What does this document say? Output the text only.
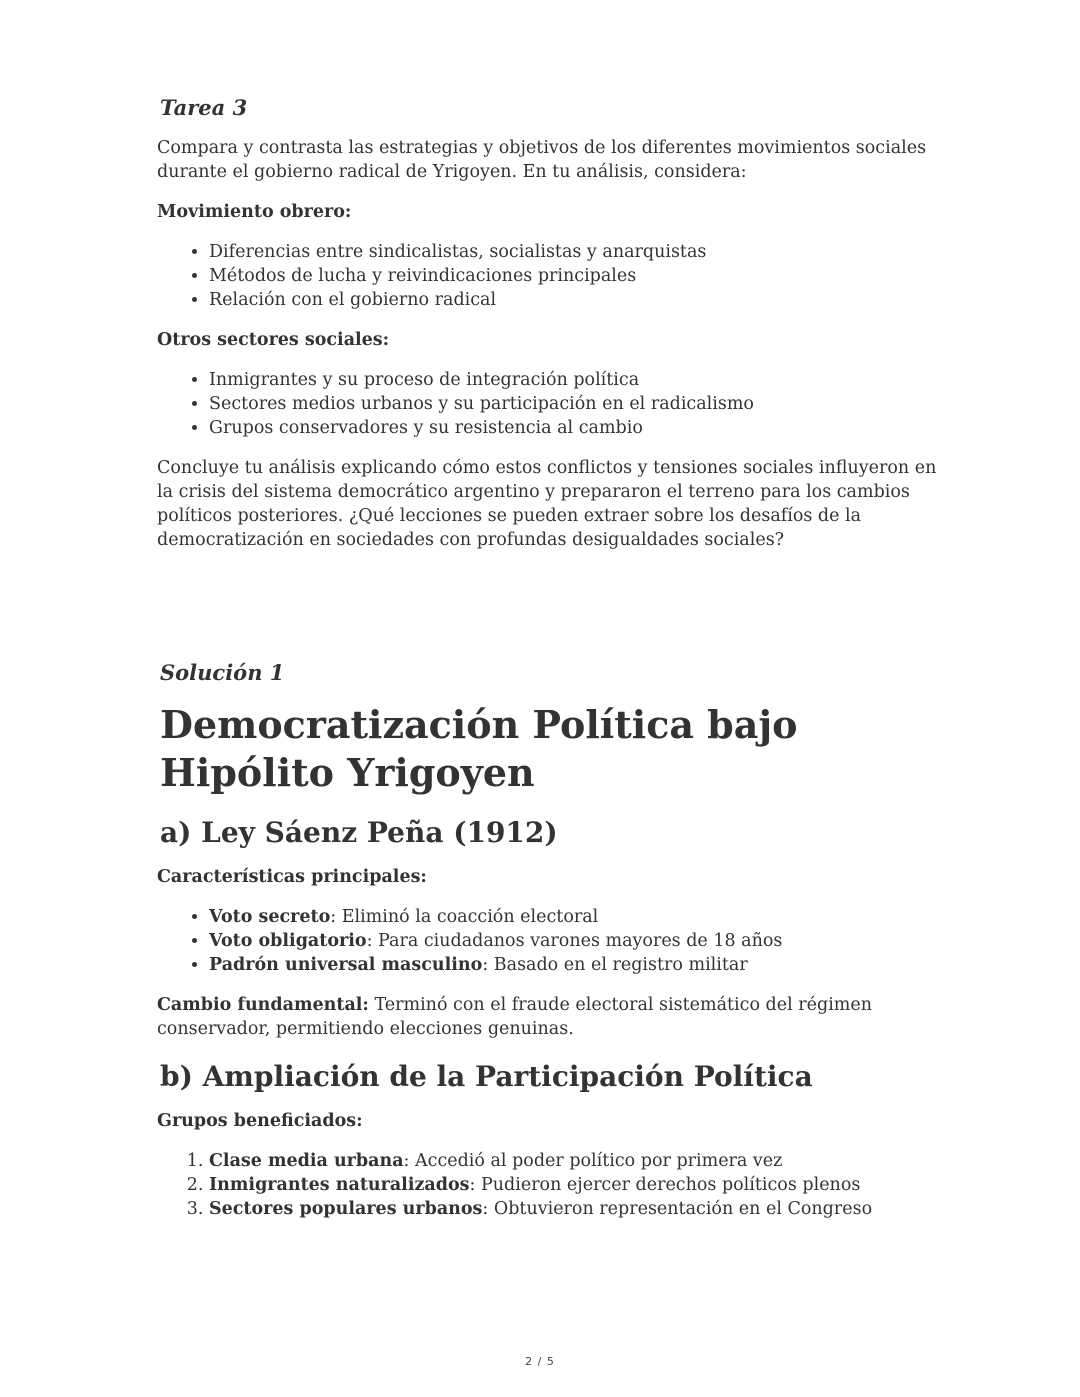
Tarea 3

Compara y contrasta las estrategias y objetivos de los diferentes movimientos sociales durante el gobierno radical de Yrigoyen. En tu análisis, considera:

Movimiento obrero:

• Diferencias entre sindicalistas, socialistas y anarquistas
• Métodos de lucha y reivindicaciones principales
• Relación con el gobierno radical

Otros sectores sociales:

• Inmigrantes y su proceso de integración política
• Sectores medios urbanos y su participación en el radicalismo
• Grupos conservadores y su resistencia al cambio

Concluye tu análisis explicando cómo estos conflictos y tensiones sociales influyeron en la crisis del sistema democrático argentino y prepararon el terreno para los cambios políticos posteriores. ¿Qué lecciones se pueden extraer sobre los desafíos de la democratización en sociedades con profundas desigualdades sociales?

Solución 1
Democratización Política bajo Hipólito Yrigoyen
a) Ley Sáenz Peña (1912)

Características principales:

• Voto secreto: Eliminó la coacción electoral
• Voto obligatorio: Para ciudadanos varones mayores de 18 años
• Padrón universal masculino: Basado en el registro militar

Cambio fundamental: Terminó con el fraude electoral sistemático del régimen conservador, permitiendo elecciones genuinas.

b) Ampliación de la Participación Política

Grupos beneficiados:

1. Clase media urbana: Accedió al poder político por primera vez
2. Inmigrantes naturalizados: Pudieron ejercer derechos políticos plenos
3. Sectores populares urbanos: Obtuvieron representación en el Congreso
2 / 5
